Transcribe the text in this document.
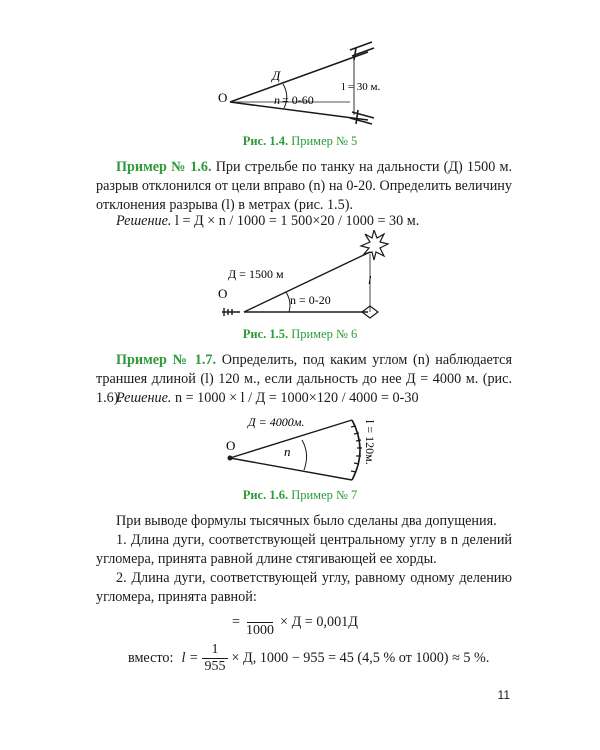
О
Д
n = 0-60
l = 30 м.
Рис. 1.4. Пример № 5

Пример № 1.6. При стрельбе по танку на дальности (Д) 1500 м. разрыв отклонился от цели вправо (n) на 0-20. Определить величину отклонения разрыва (l) в метрах (рис. 1.5).

Решение. l = Д × n / 1000 = 1 500×20 / 1000 = 30 м.

Д = 1500 м
О
l
n = 0-20
Рис. 1.5. Пример № 6

Пример № 1.7. Определить, под каким углом (n) наблюдается траншея длиной (l) 120 м., если дальность до нее Д = 4000 м. (рис. 1.6).

Решение. n = 1000 × l / Д = 1000×120 / 4000 = 0-30

Д = 4000м.
О	n	l = 120м.
Рис. 1.6. Пример № 7

При выводе формулы тысячных было сделаны два допущения.

1. Длина дуги, соответствующей центральному углу в n делений угломера, принята равной длине стягивающей ее хорды.

2. Длина дуги, соответствующей углу, равному одному делению угломера, принята равной:

=

1000
× Д = 0,001Д
вместо: $l = \frac{1}{955} \times Д$, 1000 − 955 = 45 (4,5 % от 1000) ≈ 5 %.
11
